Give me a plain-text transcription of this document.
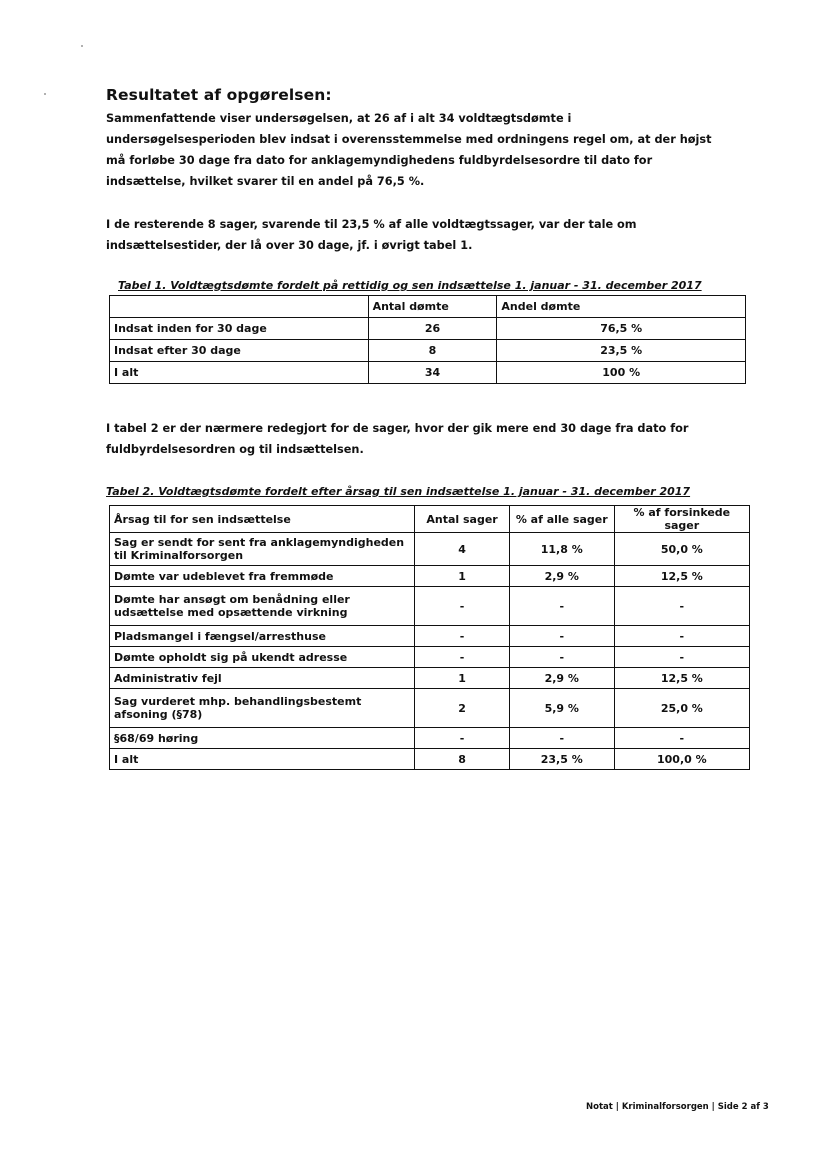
Resultatet af opgørelsen:

Sammenfattende viser undersøgelsen, at 26 af i alt 34 voldtægtsdømte i undersøgelsesperioden blev indsat i overensstemmelse med ordningens regel om, at der højst må forløbe 30 dage fra dato for anklagemyndighedens fuldbyrdelsesordre til dato for indsættelse, hvilket svarer til en andel på 76,5 %.

I de resterende 8 sager, svarende til 23,5 % af alle voldtægtssager, var der tale om indsættelsestider, der lå over 30 dage, jf. i øvrigt tabel 1.

Tabel 1. Voldtægtsdømte fordelt på rettidig og sen indsættelse 1. januar - 31. december 2017
	Antal dømte	Andel dømte
Indsat inden for 30 dage	26	76,5 %
Indsat efter 30 dage	8	23,5 %
I alt	34	100 %

I tabel 2 er der nærmere redegjort for de sager, hvor der gik mere end 30 dage fra dato for fuldbyrdelsesordren og til indsættelsen.

Tabel 2. Voldtægtsdømte fordelt efter årsag til sen indsættelse 1. januar - 31. december 2017
Årsag til for sen indsættelse	Antal sager	% af alle sager	% af forsinkede sager
Sag er sendt for sent fra anklagemyndigheden til Kriminalforsorgen	4	11,8 %	50,0 %
Dømte var udeblevet fra fremmøde	1	2,9 %	12,5 %
Dømte har ansøgt om benådning eller udsættelse med opsættende virkning	-	-	-
Pladsmangel i fængsel/arresthuse	-	-	-
Dømte opholdt sig på ukendt adresse	-	-	-
Administrativ fejl	1	2,9 %	12,5 %
Sag vurderet mhp. behandlingsbestemt afsoning (§78)	2	5,9 %	25,0 %
§68/69 høring	-	-	-
I alt	8	23,5 %	100,0 %
Notat | Kriminalforsorgen | Side 2 af 3
